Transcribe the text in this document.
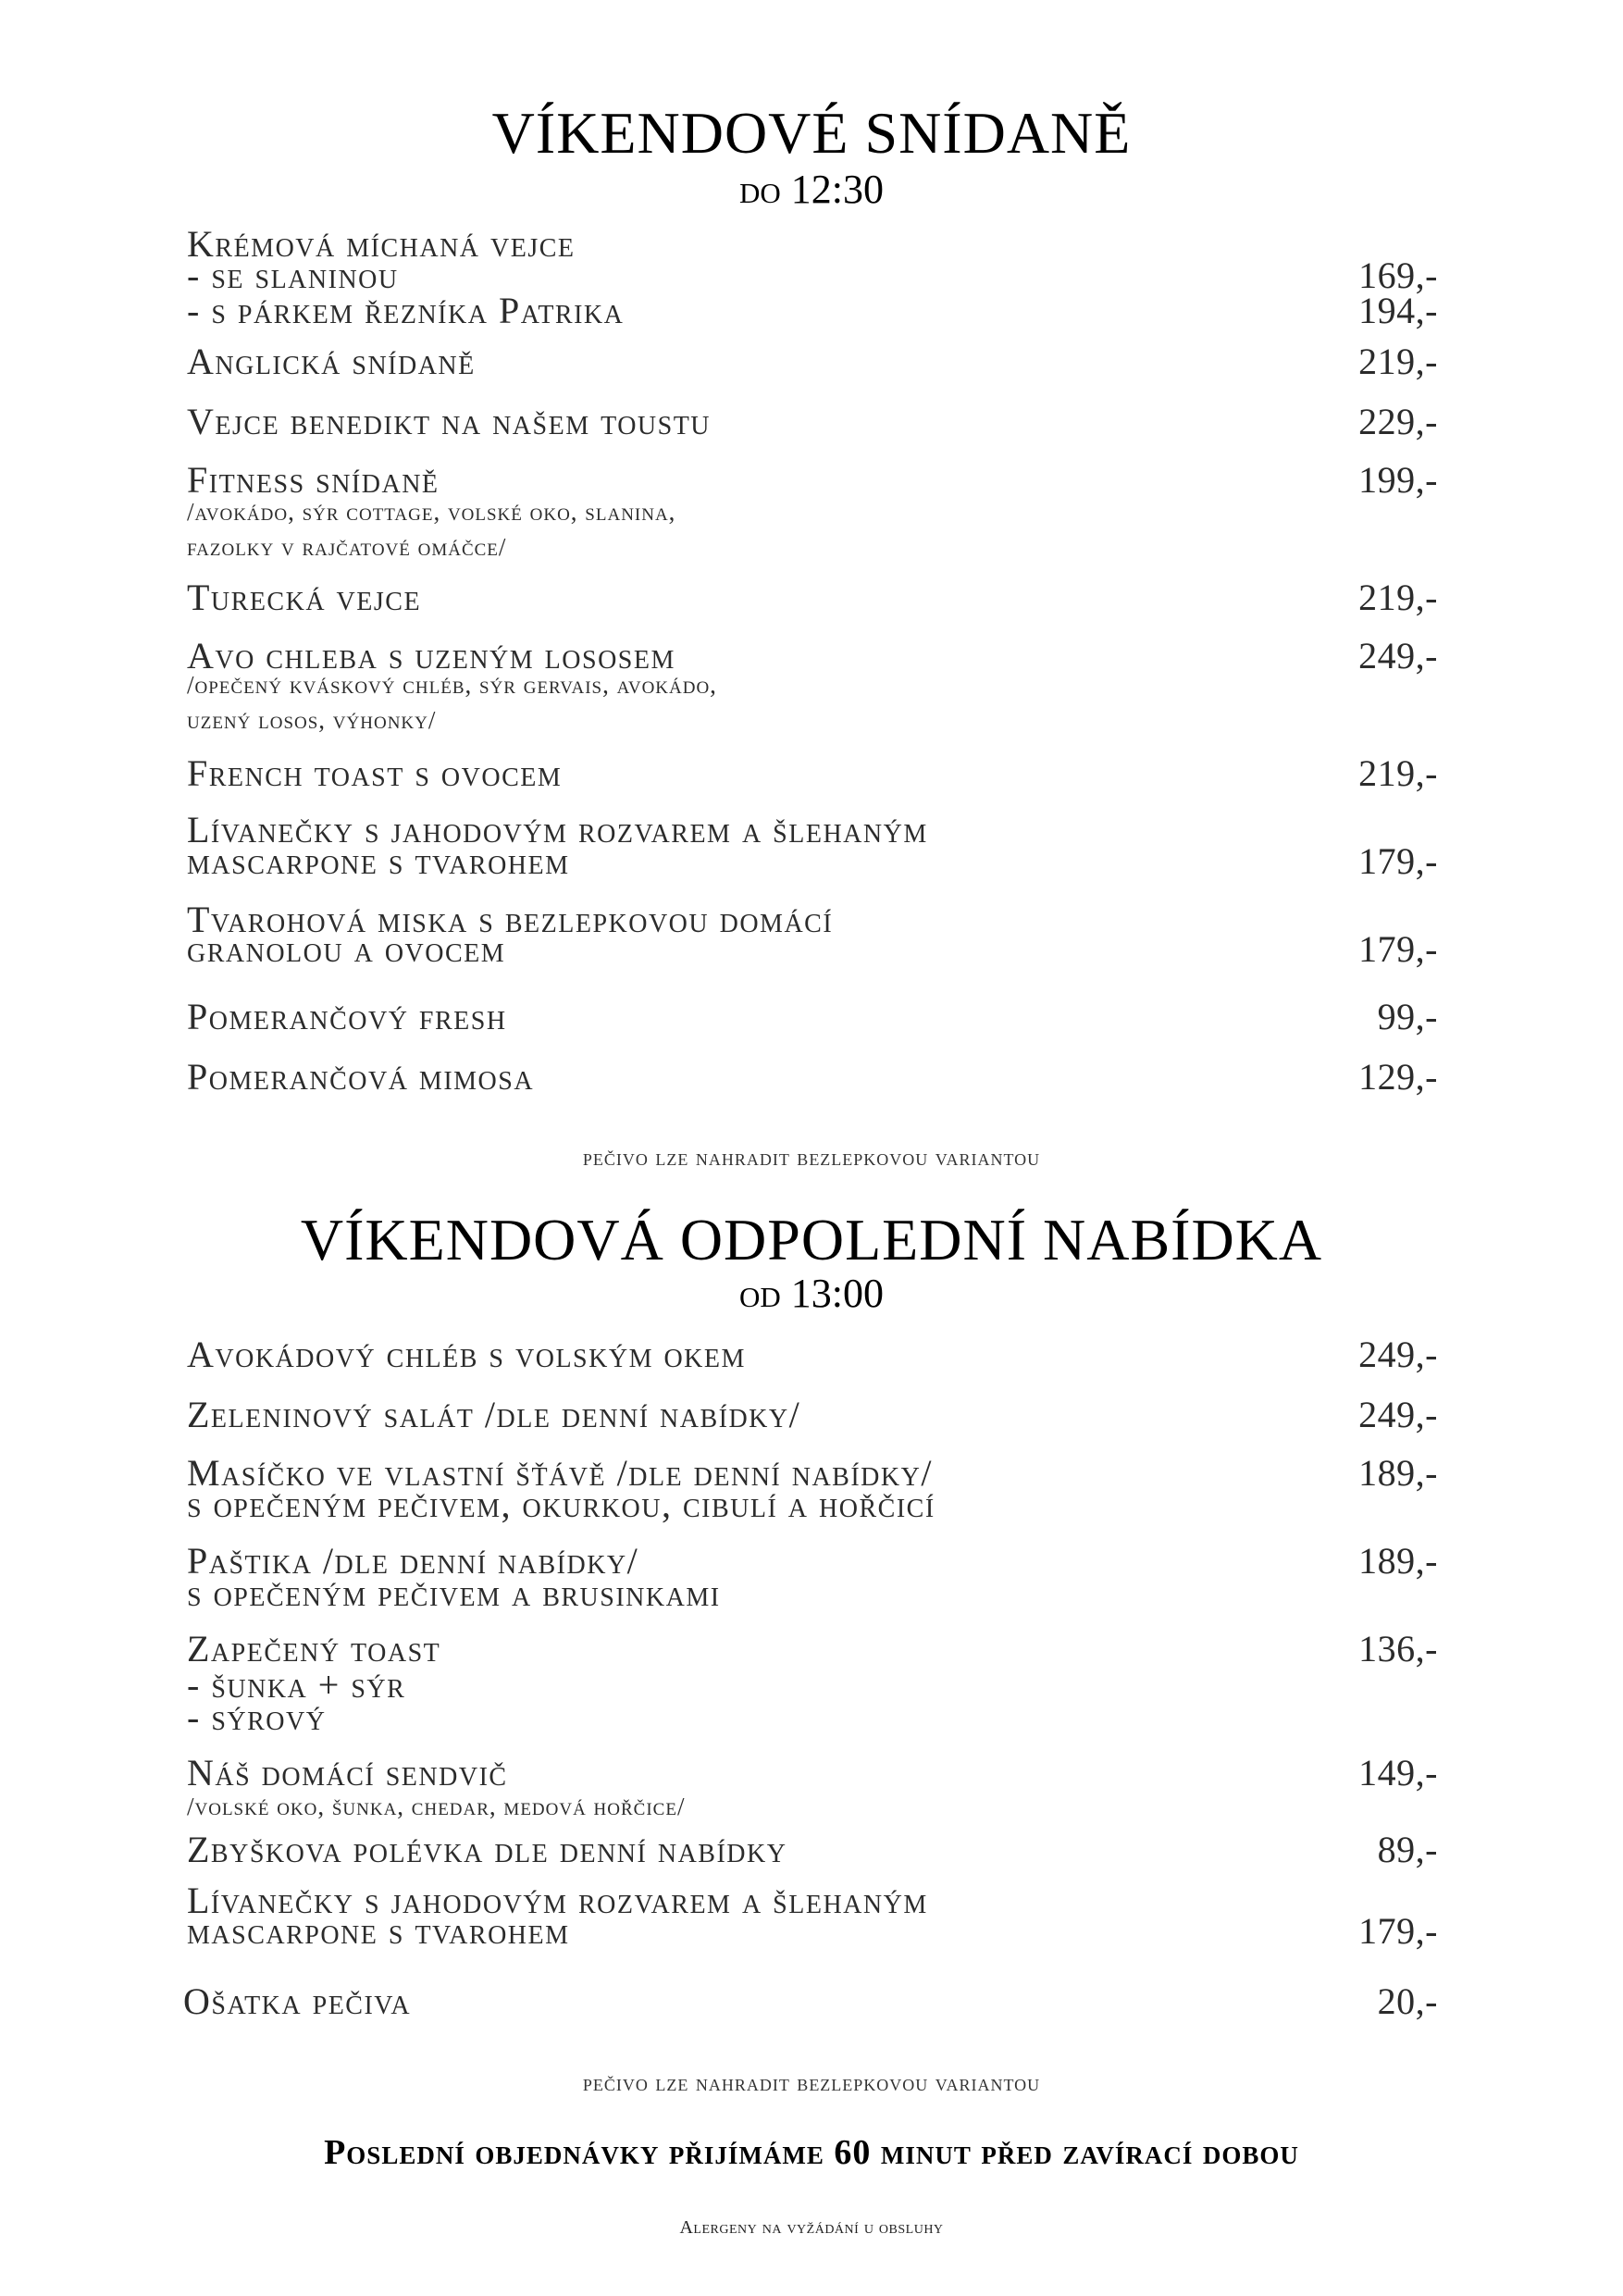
VÍKENDOVÉ SNÍDANĚ
do 12:30
Krémová míchaná vejce
- se slaninou	169,-
- s párkem řezníka Patrika	194,-
Anglická snídaně	219,-
Vejce benedikt na našem toustu	229,-
Fitness snídaně	199,-
/avokádo, sýr cottage, volské oko, slanina,
fazolky v rajčatové omáčce/
Turecká vejce	219,-
Avo chleba s uzeným lososem	249,-
/opečený kváskový chléb, sýr gervais, avokádo,
uzený losos, výhonky/
French toast s ovocem	219,-
Lívanečky s jahodovým rozvarem a šlehaným
mascarpone s tvarohem	179,-
Tvarohová miska s bezlepkovou domácí
granolou a ovocem	179,-
Pomerančový fresh	99,-
Pomerančová mimosa	129,-
pečivo lze nahradit bezlepkovou variantou
VÍKENDOVÁ ODPOLEDNÍ NABÍDKA
od 13:00
Avokádový chléb s volským okem	249,-
Zeleninový salát /dle denní nabídky/	249,-
Masíčko ve vlastní šťávě /dle denní nabídky/	189,-
s opečeným pečivem, okurkou, cibulí a hořčicí
Paštika /dle denní nabídky/	189,-
s opečeným pečivem a brusinkami
Zapečený toast	136,-
- šunka + sýr
- sýrový
Náš domácí sendvič	149,-
/volské oko, šunka, chedar, medová hořčice/
Zbyškova polévka dle denní nabídky	89,-
Lívanečky s jahodovým rozvarem a šlehaným
mascarpone s tvarohem	179,-
Ošatka pečiva	20,-
pečivo lze nahradit bezlepkovou variantou
Poslední objednávky přijímáme 60 minut před zavírací dobou
Alergeny na vyžádání u obsluhy
